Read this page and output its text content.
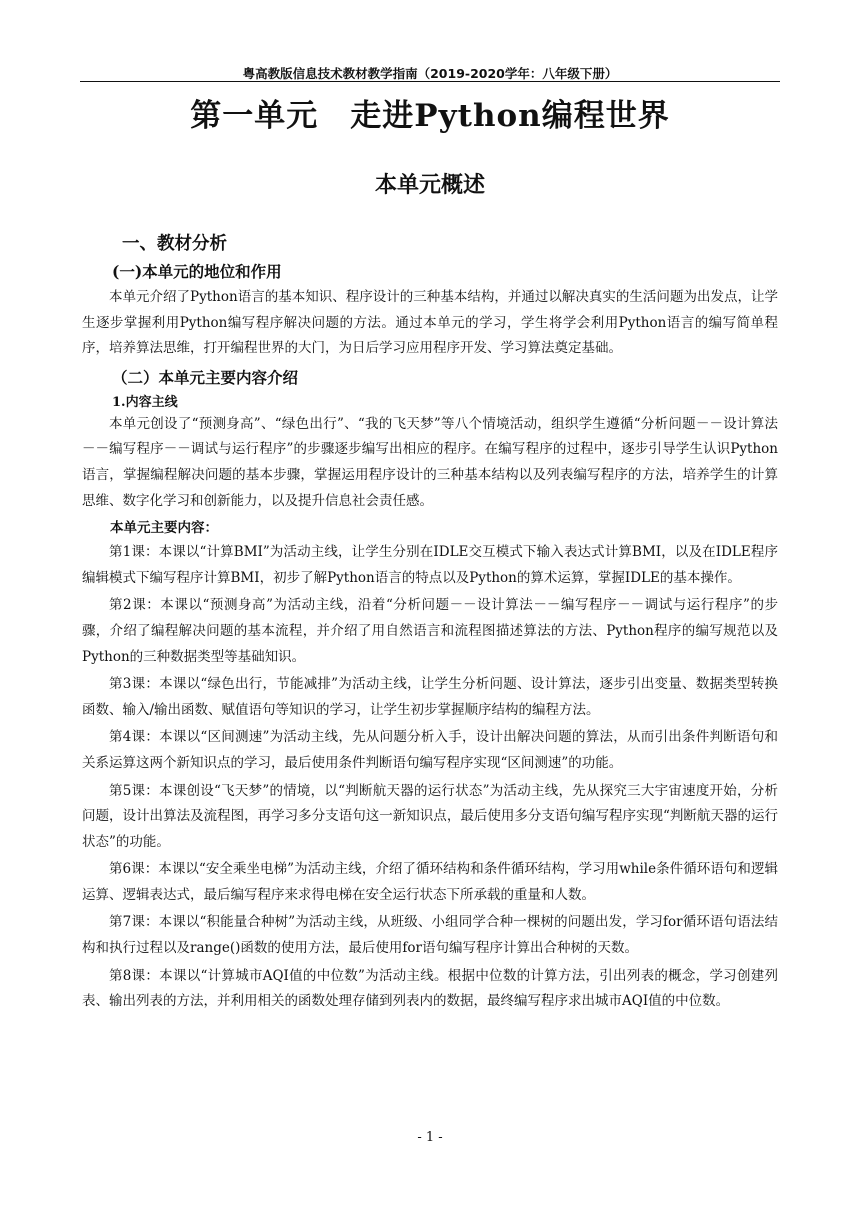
粤高教版信息技术教材教学指南（2019-2020学年：八年级下册）
第一单元　走进Python编程世界
本单元概述
一、教材分析
(一)本单元的地位和作用

本单元介绍了Python语言的基本知识、程序设计的三种基本结构，并通过以解决真实的生活问题为出发点，让学生逐步掌握利用Python编写程序解决问题的方法。通过本单元的学习，学生将学会利用Python语言的编写简单程序，培养算法思维，打开编程世界的大门，为日后学习应用程序开发、学习算法奠定基础。

（二）本单元主要内容介绍
1.内容主线

本单元创设了“预测身高”、“绿色出行”、“我的飞天梦”等八个情境活动，组织学生遵循“分析问题－－设计算法－－编写程序－－调试与运行程序”的步骤逐步编写出相应的程序。在编写程序的过程中，逐步引导学生认识Python语言，掌握编程解决问题的基本步骤，掌握运用程序设计的三种基本结构以及列表编写程序的方法，培养学生的计算思维、数字化学习和创新能力，以及提升信息社会责任感。

本单元主要内容：

第1课：本课以“计算BMI”为活动主线，让学生分别在IDLE交互模式下输入表达式计算BMI，以及在IDLE程序编辑模式下编写程序计算BMI，初步了解Python语言的特点以及Python的算术运算，掌握IDLE的基本操作。

第2课：本课以“预测身高”为活动主线，沿着“分析问题－－设计算法－－编写程序－－调试与运行程序”的步骤，介绍了编程解决问题的基本流程，并介绍了用自然语言和流程图描述算法的方法、Python程序的编写规范以及Python的三种数据类型等基础知识。

第3课：本课以“绿色出行，节能减排”为活动主线，让学生分析问题、设计算法，逐步引出变量、数据类型转换函数、输入/输出函数、赋值语句等知识的学习，让学生初步掌握顺序结构的编程方法。

第4课：本课以“区间测速”为活动主线，先从问题分析入手，设计出解决问题的算法，从而引出条件判断语句和关系运算这两个新知识点的学习，最后使用条件判断语句编写程序实现“区间测速”的功能。

第5课：本课创设“飞天梦”的情境，以“判断航天器的运行状态”为活动主线，先从探究三大宇宙速度开始，分析问题，设计出算法及流程图，再学习多分支语句这一新知识点，最后使用多分支语句编写程序实现“判断航天器的运行状态”的功能。

第6课：本课以“安全乘坐电梯”为活动主线，介绍了循环结构和条件循环结构，学习用while条件循环语句和逻辑运算、逻辑表达式，最后编写程序来求得电梯在安全运行状态下所承载的重量和人数。

第7课：本课以“积能量合种树”为活动主线，从班级、小组同学合种一棵树的问题出发，学习for循环语句语法结构和执行过程以及range()函数的使用方法，最后使用for语句编写程序计算出合种树的天数。

第8课：本课以“计算城市AQI值的中位数”为活动主线。根据中位数的计算方法，引出列表的概念，学习创建列表、输出列表的方法，并利用相关的函数处理存储到列表内的数据，最终编写程序求出城市AQI值的中位数。

- 1 -
